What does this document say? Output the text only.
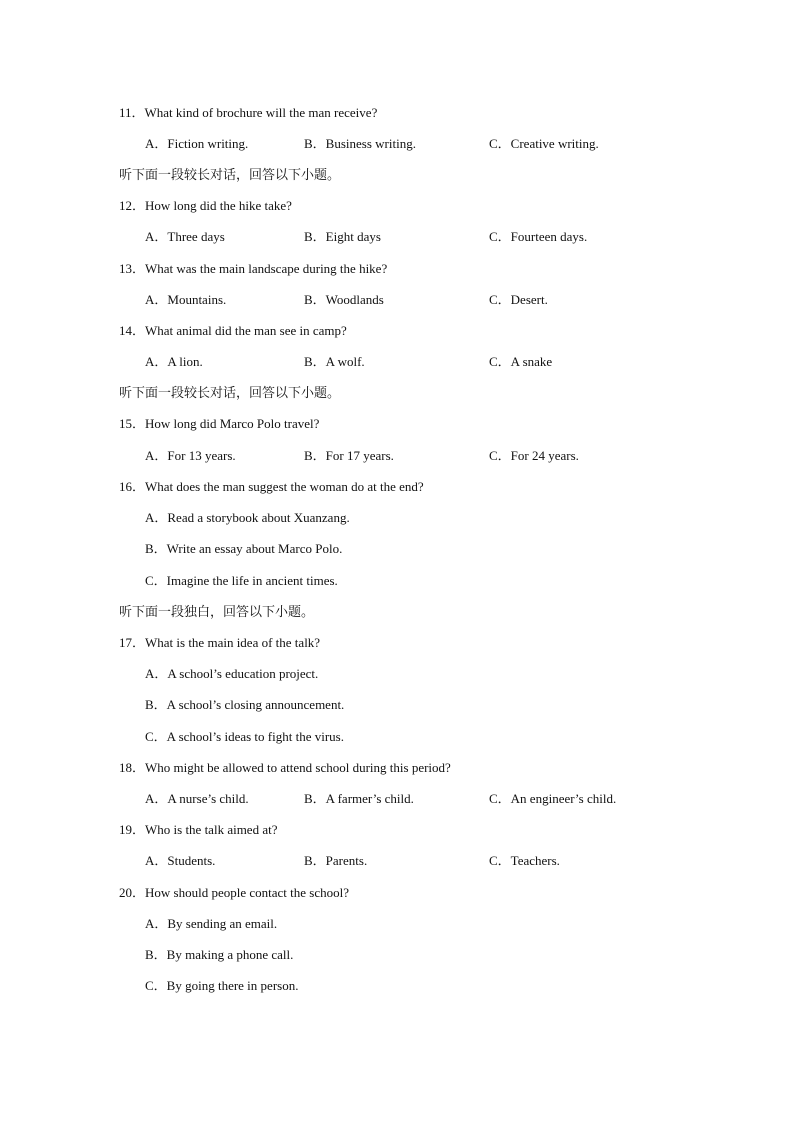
11．What kind of brochure will the man receive?
A．Fiction writing.	B．Business writing.	C．Creative writing.
听下面一段较长对话，回答以下小题。
12．How long did the hike take?
A．Three days	B．Eight days	C．Fourteen days.
13．What was the main landscape during the hike?
A．Mountains.	B．Woodlands	C．Desert.
14．What animal did the man see in camp?
A．A lion.	B．A wolf.	C．A snake
听下面一段较长对话，回答以下小题。
15．How long did Marco Polo travel?
A．For 13 years.	B．For 17 years.	C．For 24 years.
16．What does the man suggest the woman do at the end?
A．Read a storybook about Xuanzang.
B．Write an essay about Marco Polo.
C．Imagine the life in ancient times.
听下面一段独白，回答以下小题。
17．What is the main idea of the talk?
A．A school’s education project.
B．A school’s closing announcement.
C．A school’s ideas to fight the virus.
18．Who might be allowed to attend school during this period?
A．A nurse’s child.	B．A farmer’s child.	C．An engineer’s child.
19．Who is the talk aimed at?
A．Students.	B．Parents.	C．Teachers.
20．How should people contact the school?
A．By sending an email.
B．By making a phone call.
C．By going there in person.
